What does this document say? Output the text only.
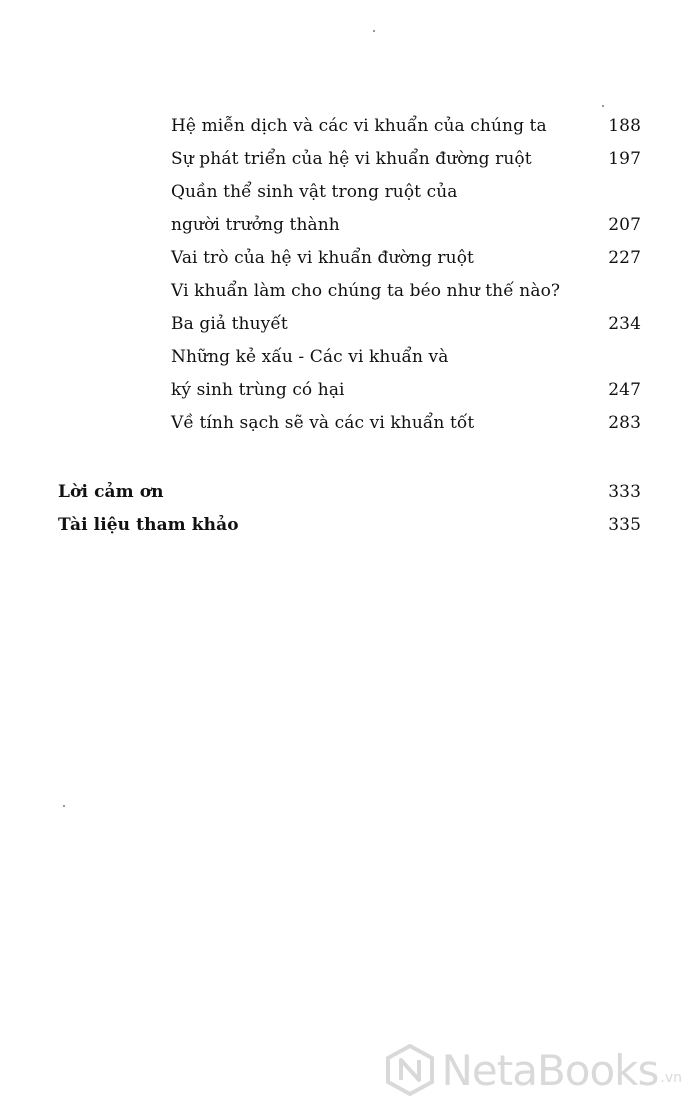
Hệ miễn dịch và các vi khuẩn của chúng ta	188
Sự phát triển của hệ vi khuẩn đường ruột	197
Quần thể sinh vật trong ruột của
người trưởng thành	207
Vai trò của hệ vi khuẩn đường ruột	227
Vi khuẩn làm cho chúng ta béo như thế nào?
Ba giả thuyết	234
Những kẻ xấu - Các vi khuẩn và
ký sinh trùng có hại	247
Về tính sạch sẽ và các vi khuẩn tốt	283
Lời cảm ơn	333
Tài liệu tham khảo	335
NetaBooks .vn
